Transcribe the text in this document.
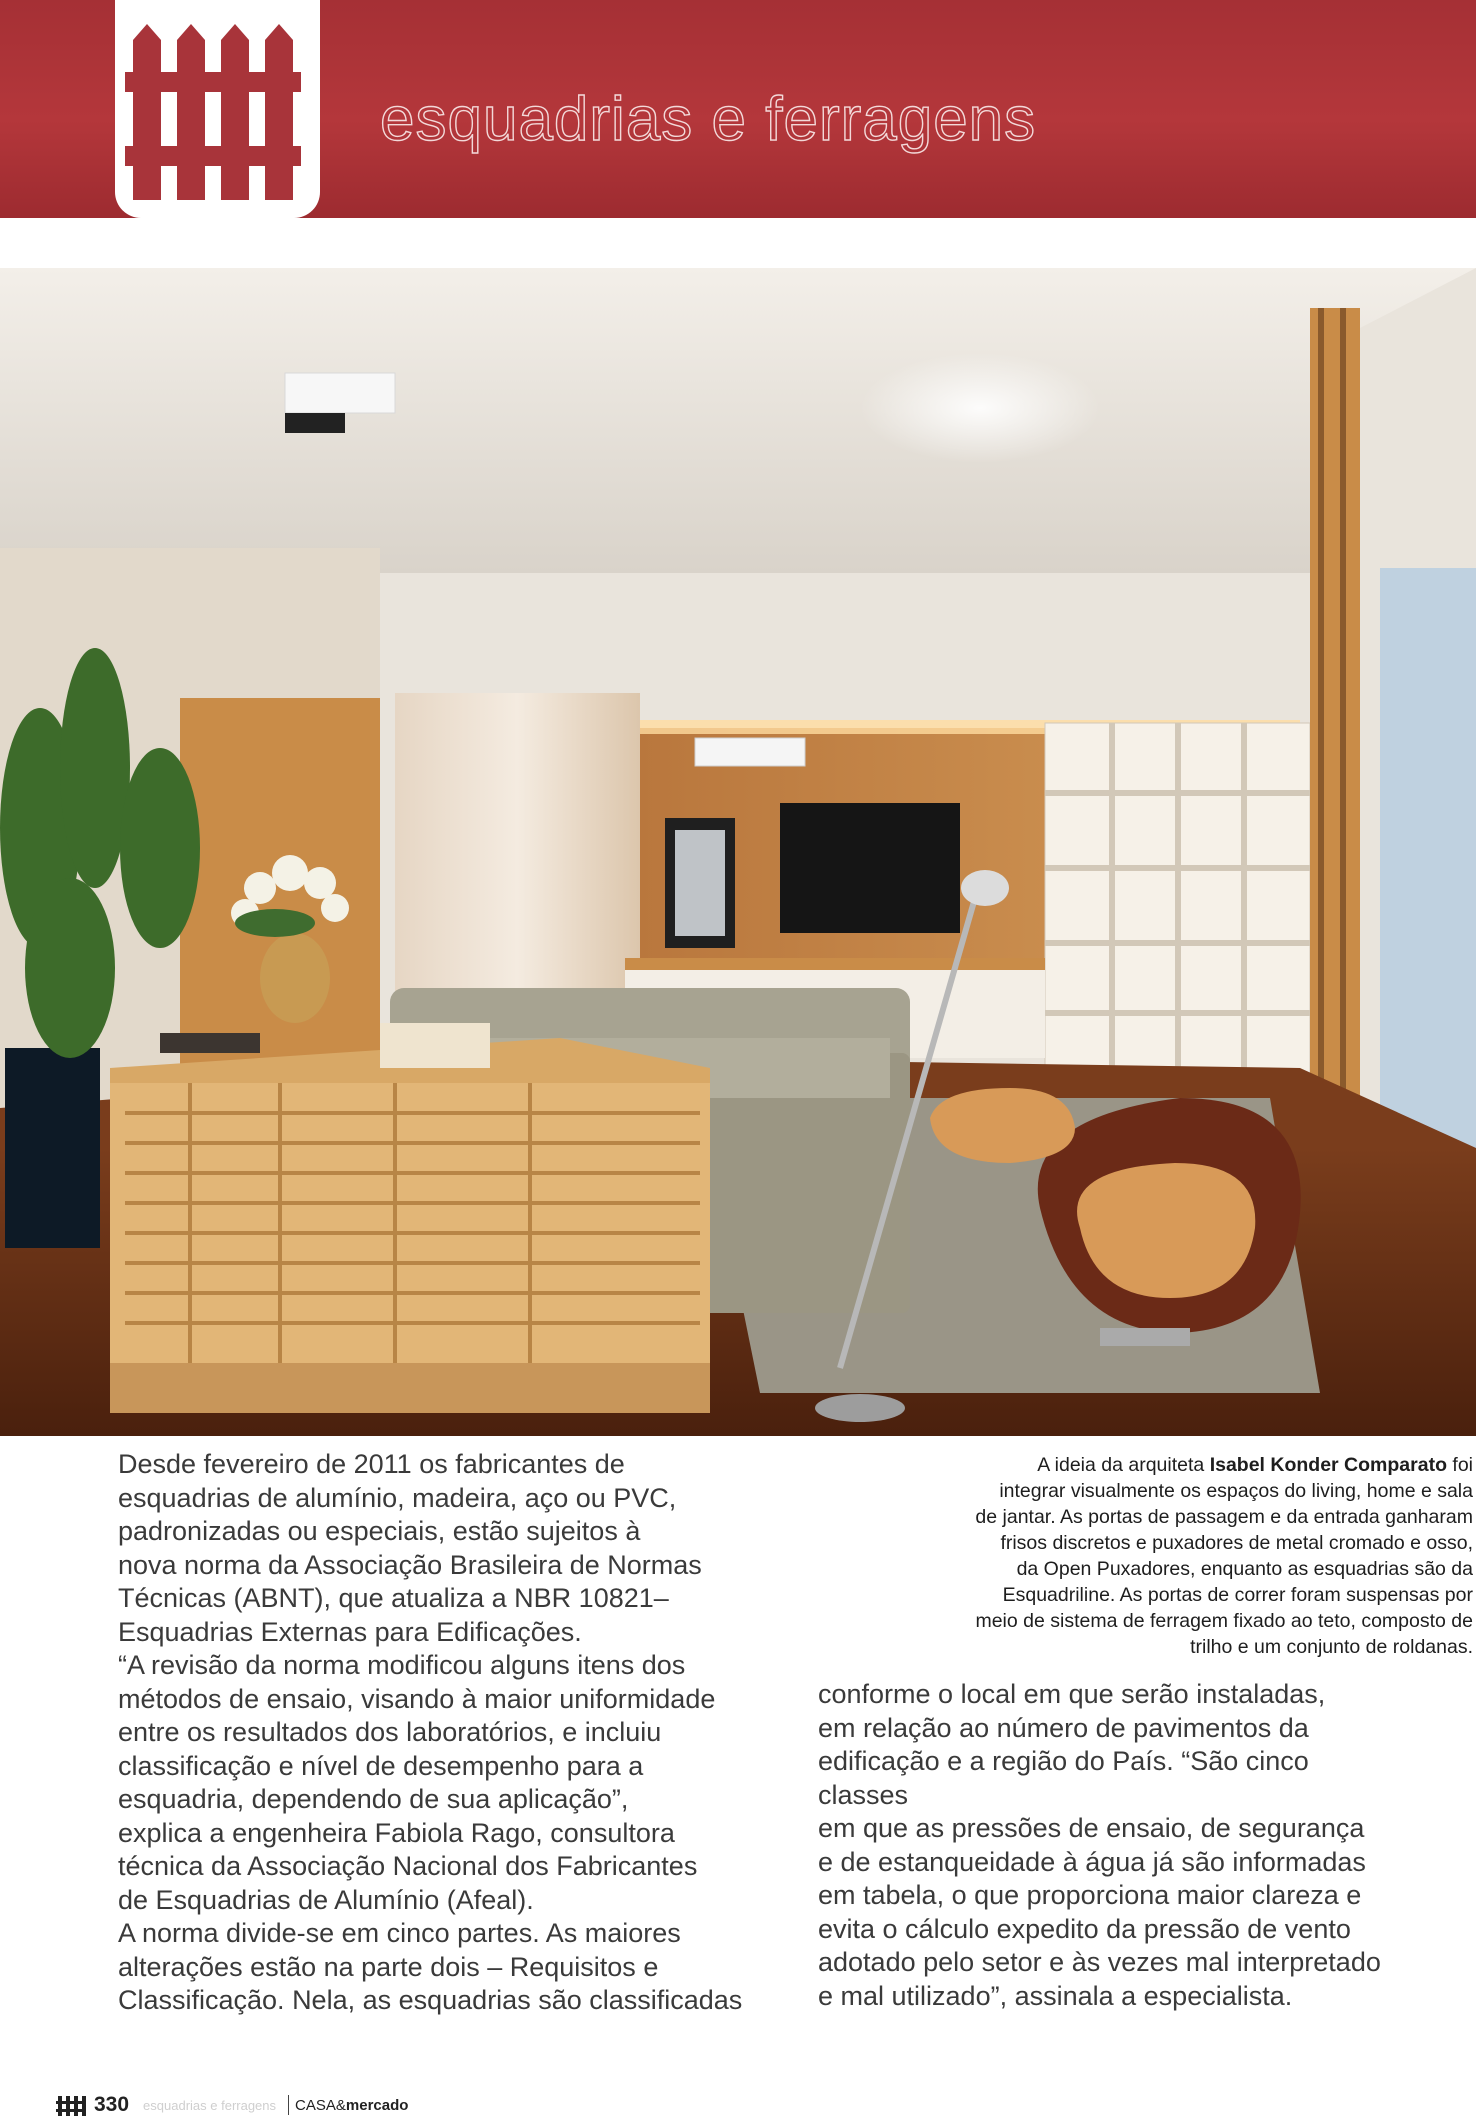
esquadrias e ferragens
A ideia da arquiteta Isabel Konder Comparato foi
integrar visualmente os espaços do living, home e sala
de jantar. As portas de passagem e da entrada ganharam
frisos discretos e puxadores de metal cromado e osso,
da Open Puxadores, enquanto as esquadrias são da
Esquadriline. As portas de correr foram suspensas por
meio de sistema de ferragem fixado ao teto, composto de
trilho e um conjunto de roldanas.

Desde fevereiro de 2011 os fabricantes de

esquadrias de alumínio, madeira, aço ou PVC,

padronizadas ou especiais, estão sujeitos à

nova norma da Associação Brasileira de Normas

Técnicas (ABNT), que atualiza a NBR 10821–

Esquadrias Externas para Edificações.

“A revisão da norma modificou alguns itens dos

métodos de ensaio, visando à maior uniformidade

entre os resultados dos laboratórios, e incluiu

classificação e nível de desempenho para a

esquadria, dependendo de sua aplicação”,

explica a engenheira Fabiola Rago, consultora

técnica da Associação Nacional dos Fabricantes

de Esquadrias de Alumínio (Afeal).

A norma divide-se em cinco partes. As maiores

alterações estão na parte dois – Requisitos e

Classificação. Nela, as esquadrias são classificadas

conforme o local em que serão instaladas,

em relação ao número de pavimentos da

edificação e a região do País. “São cinco classes

em que as pressões de ensaio, de segurança

e de estanqueidade à água já são informadas

em tabela, o que proporciona maior clareza e

evita o cálculo expedito da pressão de vento

adotado pelo setor e às vezes mal interpretado

e mal utilizado”, assinala a especialista.

330 esquadrias e ferragens CASA&mercado
